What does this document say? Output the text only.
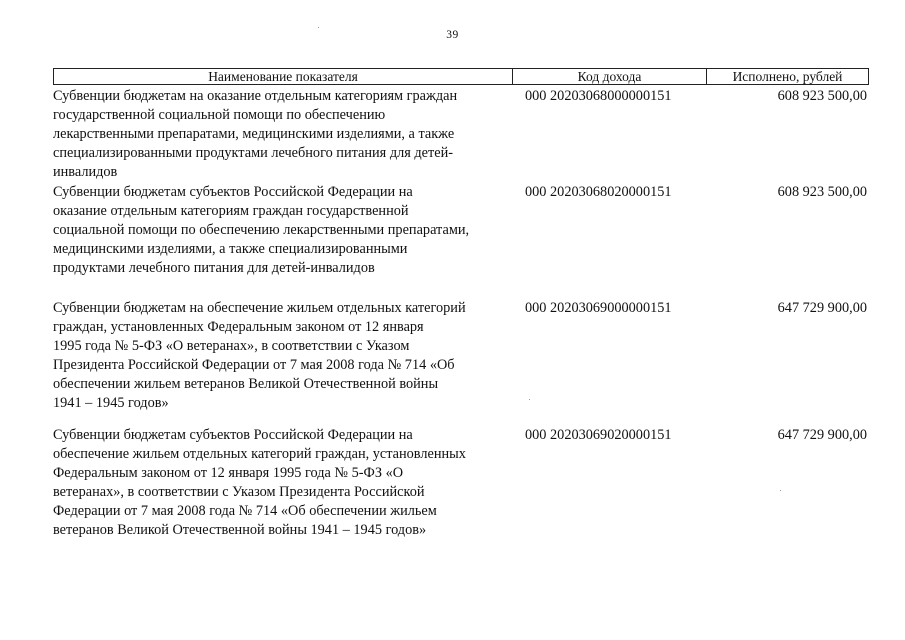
39
Наименование показателя	Код дохода	Исполнено, рублей
Субвенции бюджетам на оказание отдельным категориям граждан
государственной социальной помощи по обеспечению
лекарственными препаратами, медицинскими изделиями, а также
специализированными продуктами лечебного питания для детей-
инвалидов
000 20203068000000151	608 923 500,00
Субвенции бюджетам субъектов Российской Федерации на
оказание отдельным категориям граждан государственной
социальной помощи по обеспечению лекарственными препаратами,
медицинскими изделиями, а также специализированными
продуктами лечебного питания для детей-инвалидов
000 20203068020000151	608 923 500,00
Субвенции бюджетам на обеспечение жильем отдельных категорий
граждан, установленных Федеральным законом от 12 января
1995 года № 5-ФЗ «О ветеранах», в соответствии с Указом
Президента Российской Федерации от 7 мая 2008 года № 714 «Об
обеспечении жильем ветеранов Великой Отечественной войны
1941 – 1945 годов»
000 20203069000000151	647 729 900,00
Субвенции бюджетам субъектов Российской Федерации на
обеспечение жильем отдельных категорий граждан, установленных
Федеральным законом от 12 января 1995 года № 5-ФЗ «О
ветеранах», в соответствии с Указом Президента Российской
Федерации от 7 мая 2008 года № 714 «Об обеспечении жильем
ветеранов Великой Отечественной войны 1941 – 1945 годов»
000 20203069020000151	647 729 900,00
